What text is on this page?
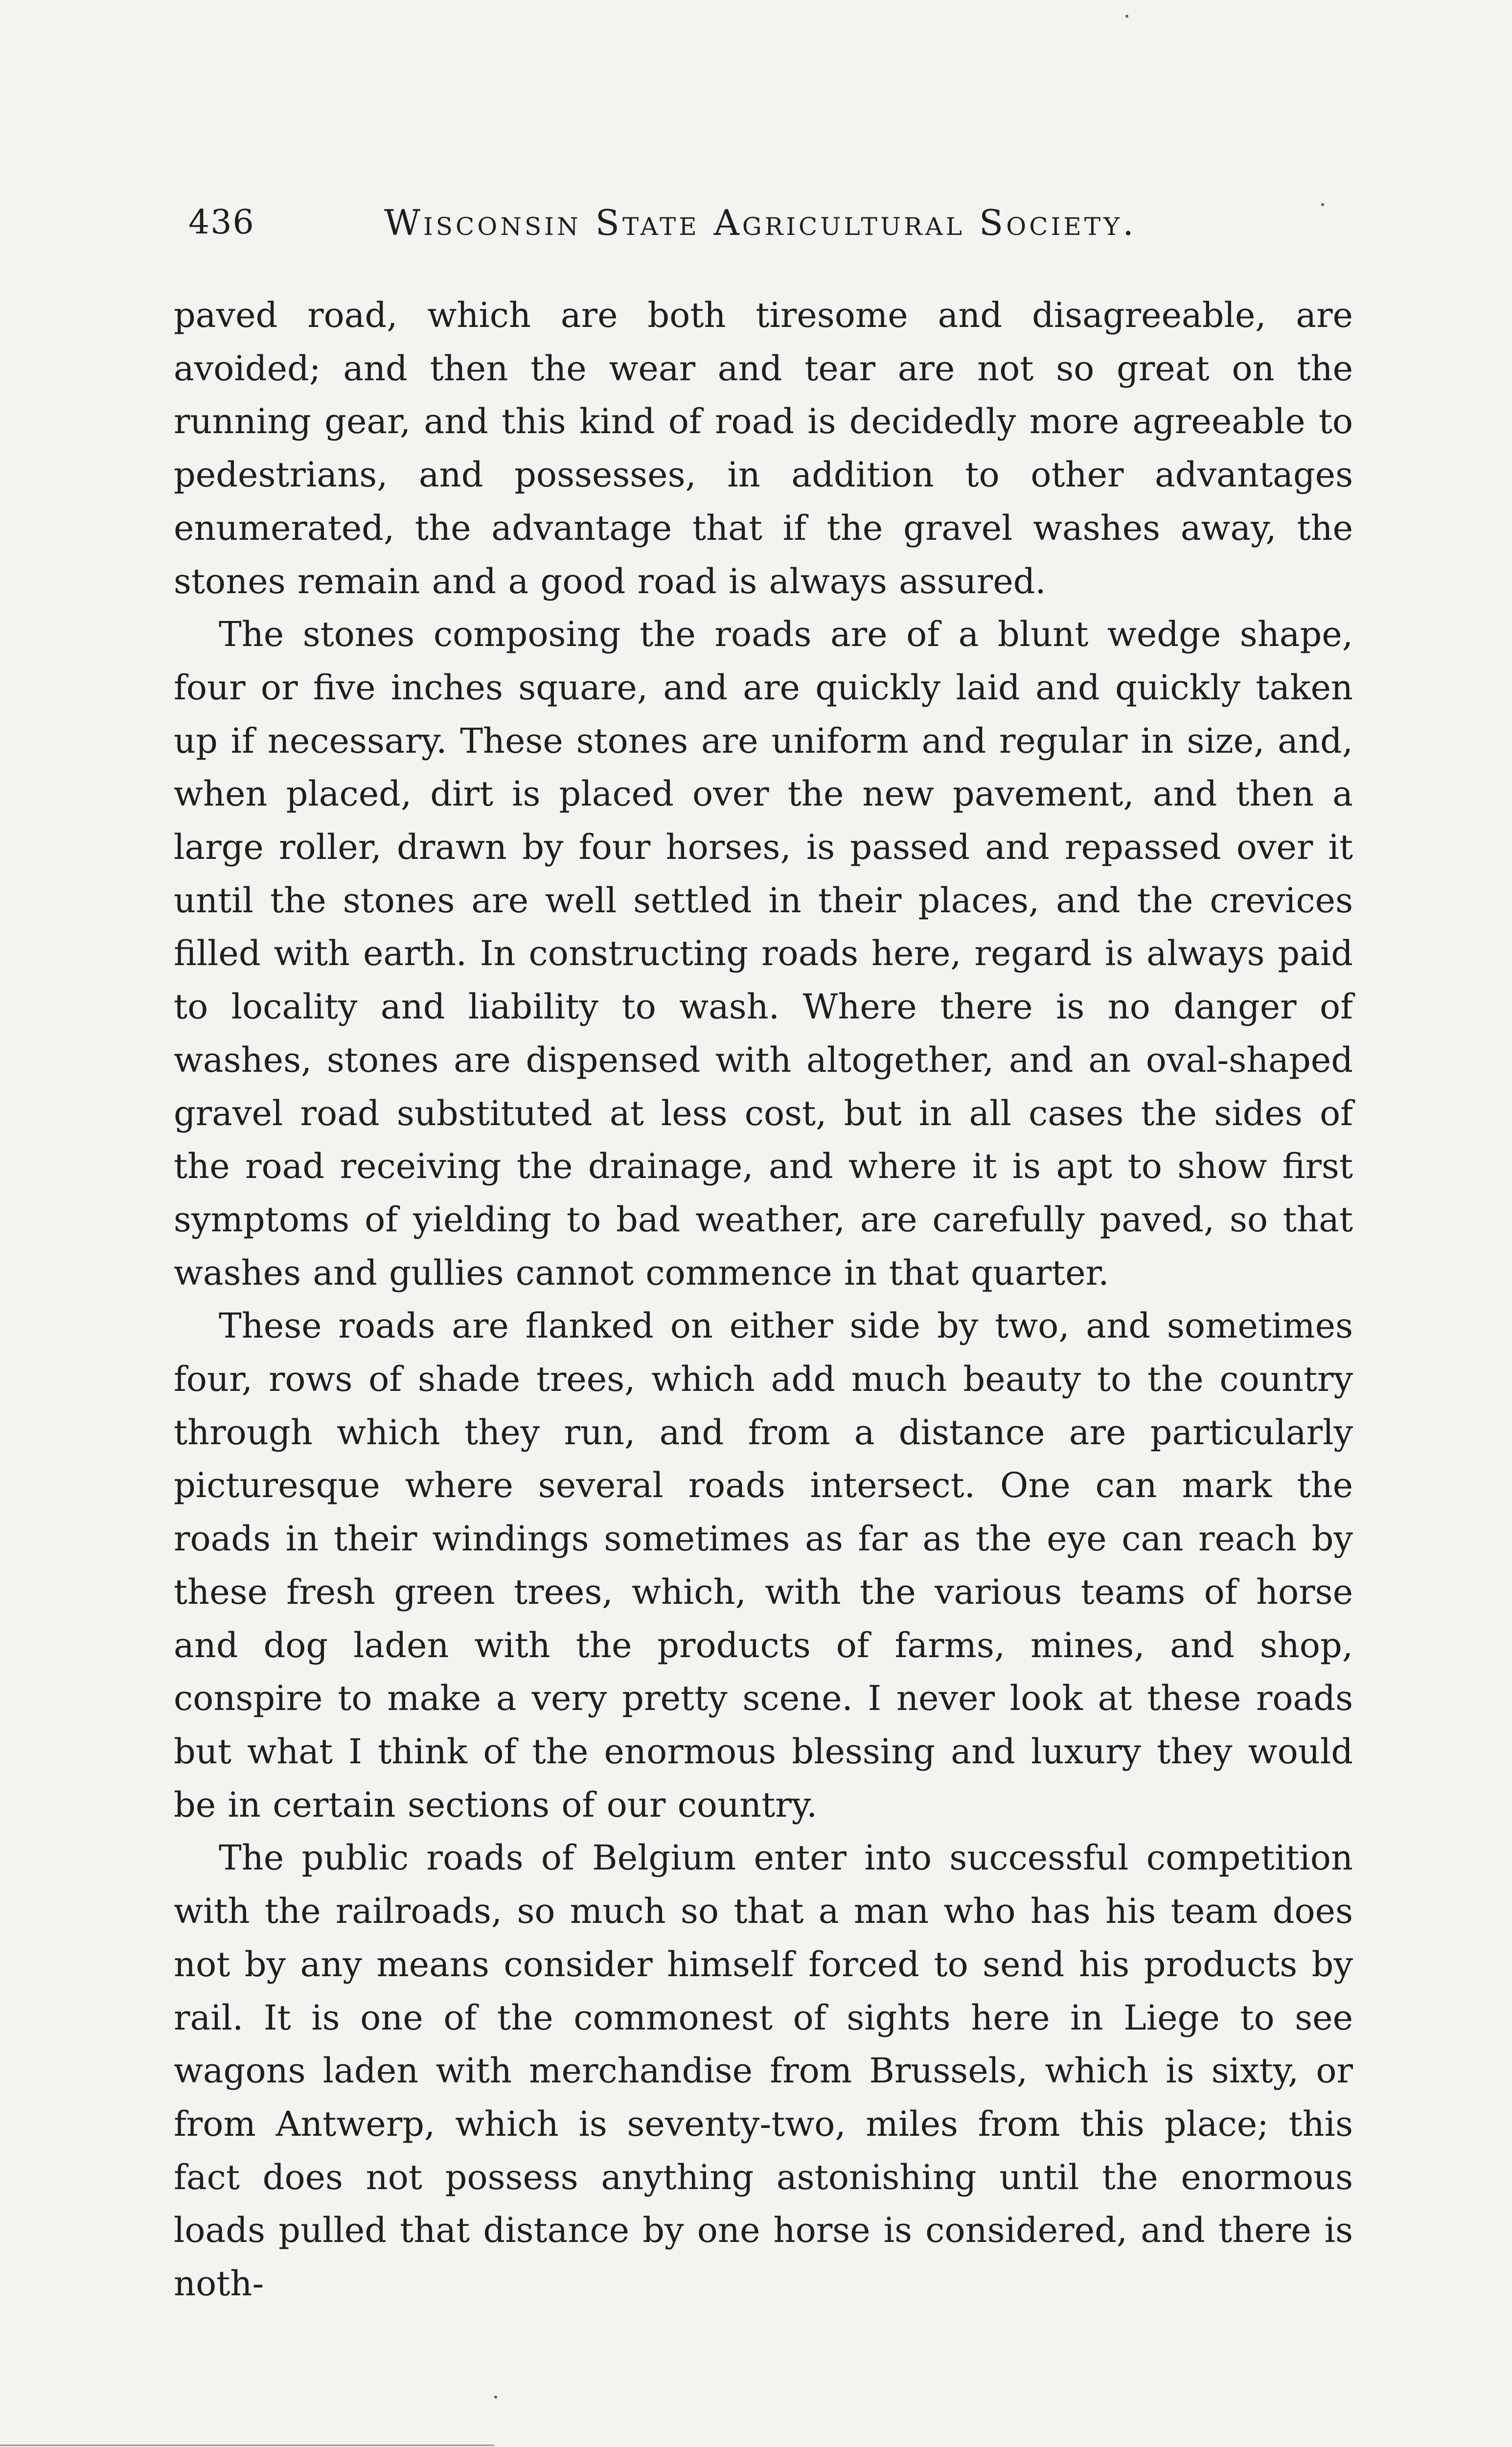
436	Wisconsin State Agricultural Society.

paved road, which are both tiresome and disagreeable, are avoided; and then the wear and tear are not so great on the running gear, and this kind of road is decidedly more agreeable to pedestrians, and possesses, in addition to other advantages enumerated, the advantage that if the gravel washes away, the stones remain and a good road is always assured.

The stones composing the roads are of a blunt wedge shape, four or five inches square, and are quickly laid and quickly taken up if necessary. These stones are uniform and regular in size, and, when placed, dirt is placed over the new pavement, and then a large roller, drawn by four horses, is passed and repassed over it until the stones are well settled in their places, and the crevices filled with earth. In constructing roads here, regard is always paid to locality and liability to wash. Where there is no danger of washes, stones are dispensed with altogether, and an oval-shaped gravel road substituted at less cost, but in all cases the sides of the road receiving the drainage, and where it is apt to show first symptoms of yielding to bad weather, are carefully paved, so that washes and gullies cannot commence in that quarter.

These roads are flanked on either side by two, and sometimes four, rows of shade trees, which add much beauty to the country through which they run, and from a distance are particularly picturesque where several roads intersect. One can mark the roads in their windings sometimes as far as the eye can reach by these fresh green trees, which, with the various teams of horse and dog laden with the products of farms, mines, and shop, conspire to make a very pretty scene. I never look at these roads but what I think of the enormous blessing and luxury they would be in certain sections of our country.

The public roads of Belgium enter into successful competition with the railroads, so much so that a man who has his team does not by any means consider himself forced to send his products by rail. It is one of the commonest of sights here in Liege to see wagons laden with merchandise from Brussels, which is sixty, or from Antwerp, which is seventy-two, miles from this place; this fact does not possess anything astonishing until the enormous loads pulled that distance by one horse is considered, and there is noth-
